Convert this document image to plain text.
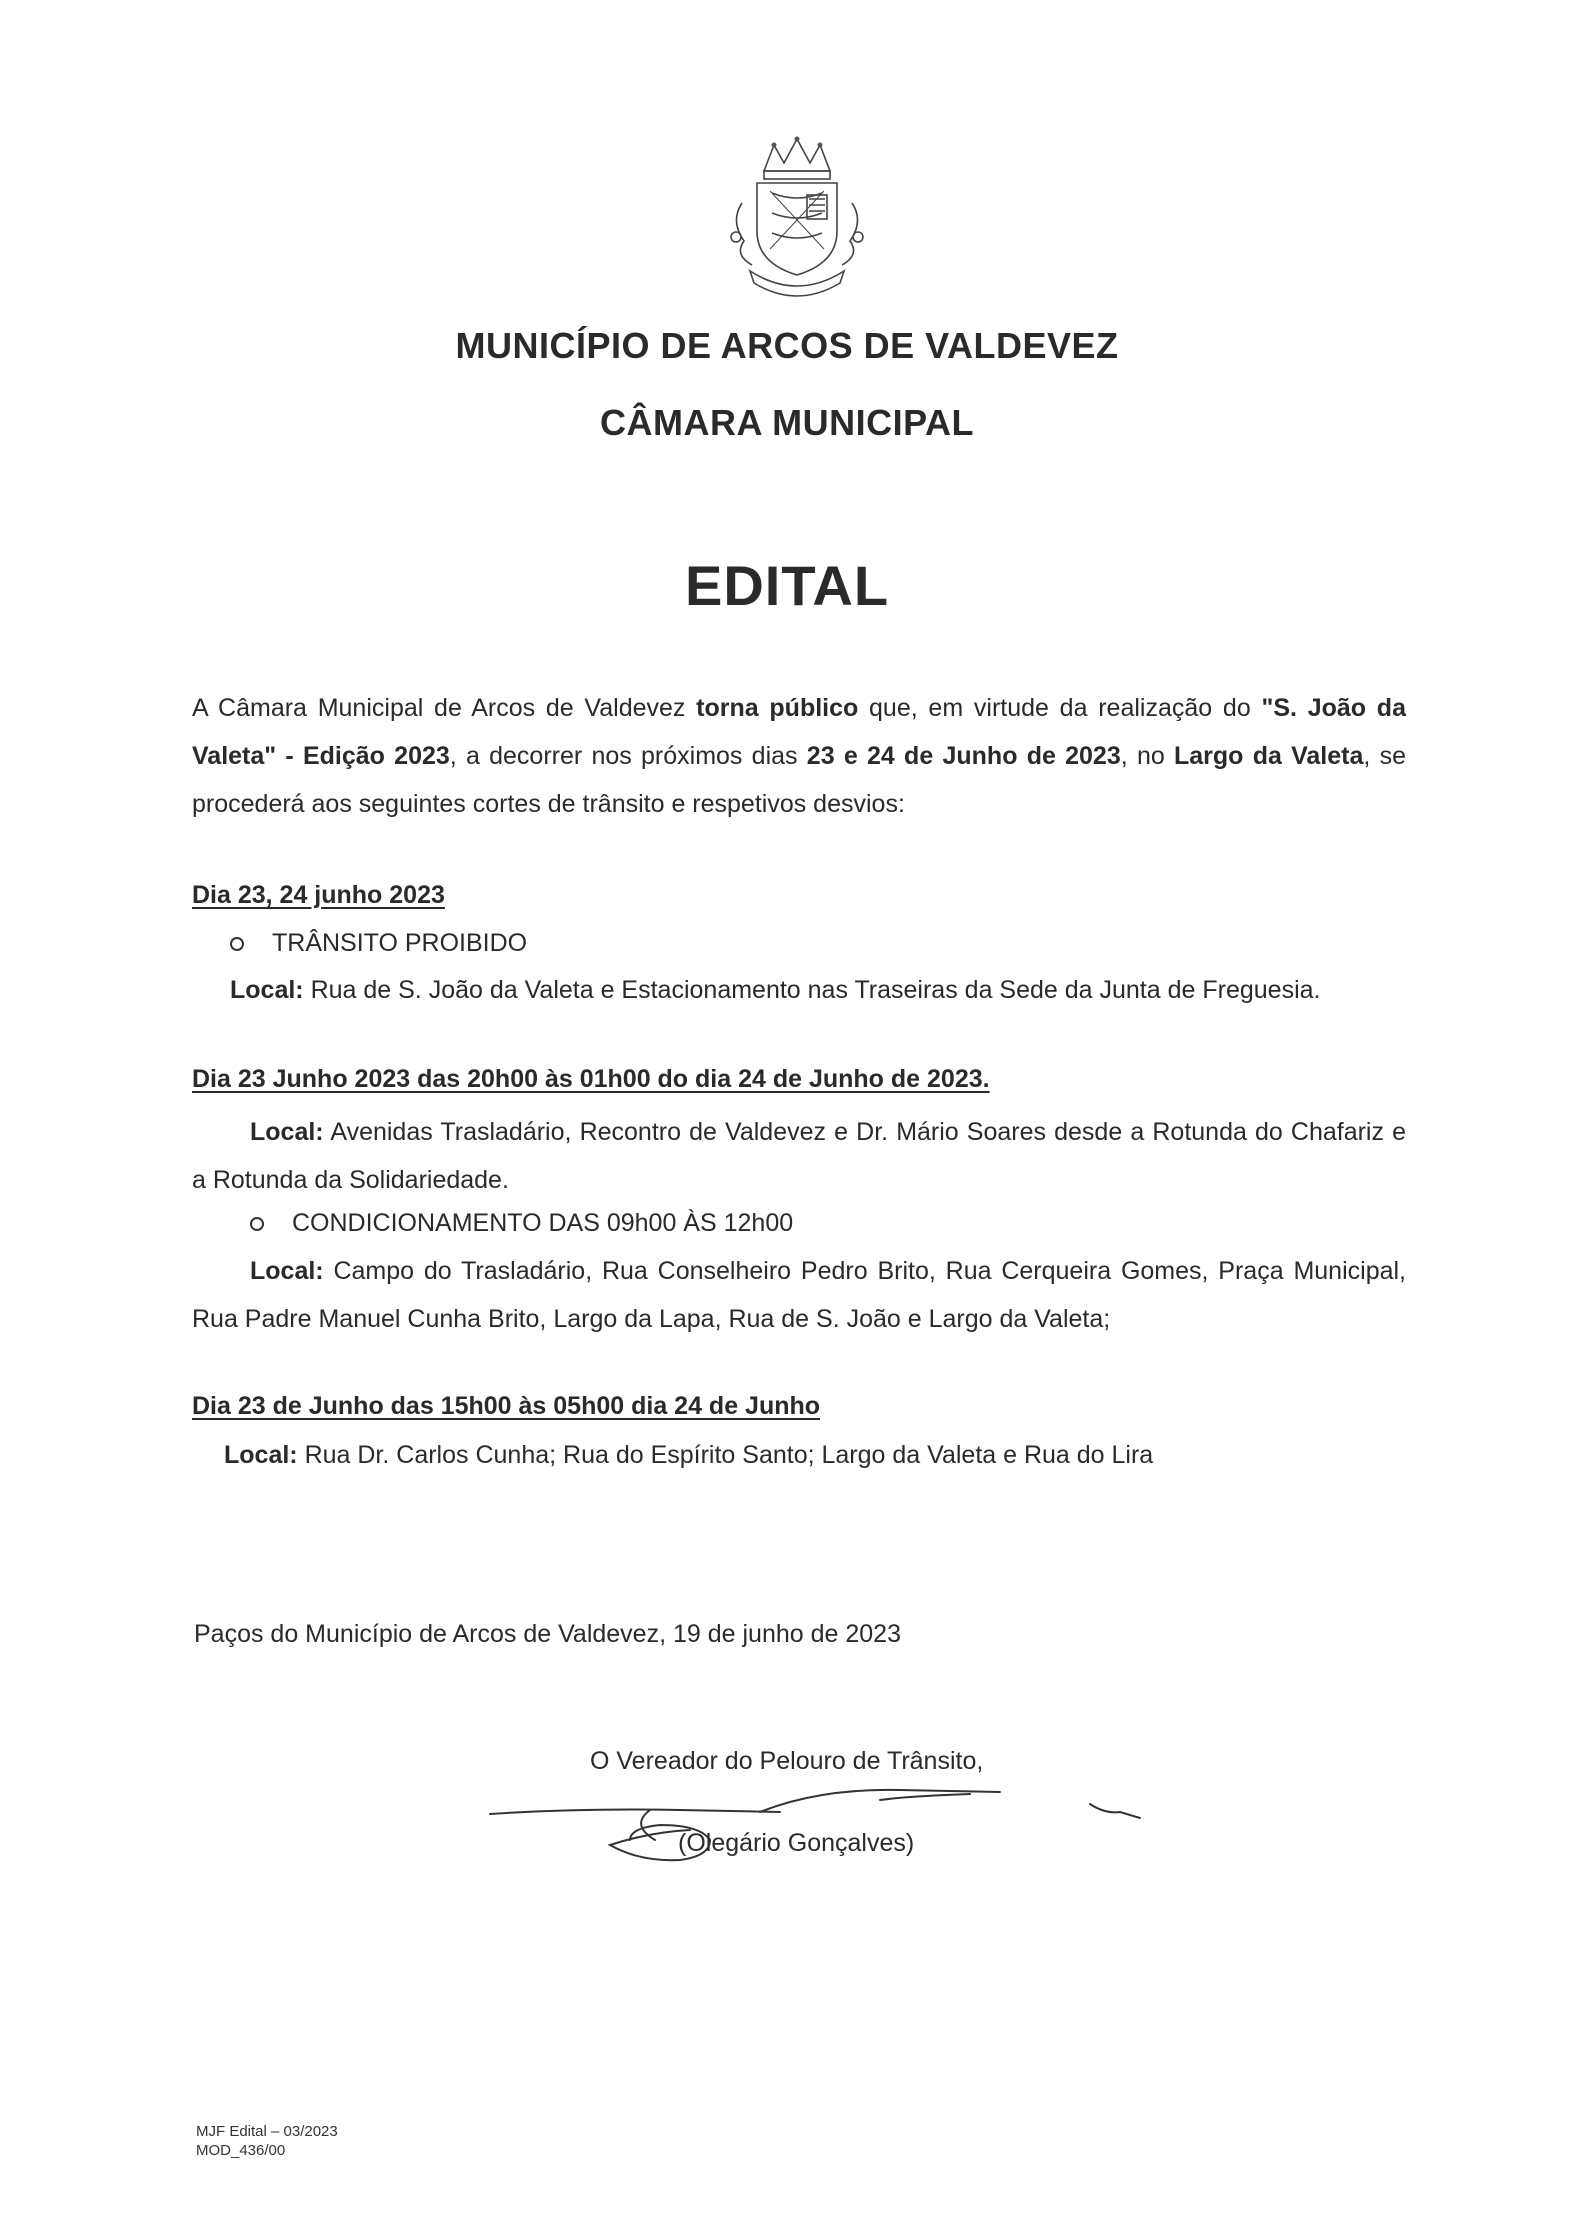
MUNICÍPIO DE ARCOS DE VALDEVEZ
CÂMARA MUNICIPAL
EDITAL
A Câmara Municipal de Arcos de Valdevez torna público que, em virtude da realização do "S. João da Valeta" - Edição 2023, a decorrer nos próximos dias 23 e 24 de Junho de 2023, no Largo da Valeta, se procederá aos seguintes cortes de trânsito e respetivos desvios:
Dia 23, 24 junho 2023
TRÂNSITO PROIBIDO
Local: Rua de S. João da Valeta e Estacionamento nas Traseiras da Sede da Junta de Freguesia.
Dia 23 Junho 2023 das 20h00 às 01h00 do dia 24 de Junho de 2023.
Local: Avenidas Trasladário, Recontro de Valdevez e Dr. Mário Soares desde a Rotunda do Chafariz e a Rotunda da Solidariedade.
CONDICIONAMENTO DAS 09h00 ÀS 12h00
Local: Campo do Trasladário, Rua Conselheiro Pedro Brito, Rua Cerqueira Gomes, Praça Municipal, Rua Padre Manuel Cunha Brito, Largo da Lapa, Rua de S. João e Largo da Valeta;
Dia 23 de Junho das 15h00 às 05h00 dia 24 de Junho
Local: Rua Dr. Carlos Cunha; Rua do Espírito Santo; Largo da Valeta e Rua do Lira
Paços do Município de Arcos de Valdevez, 19 de junho de 2023
O Vereador do Pelouro de Trânsito,
(Olegário Gonçalves)
MJF Edital – 03/2023
MOD_436/00
